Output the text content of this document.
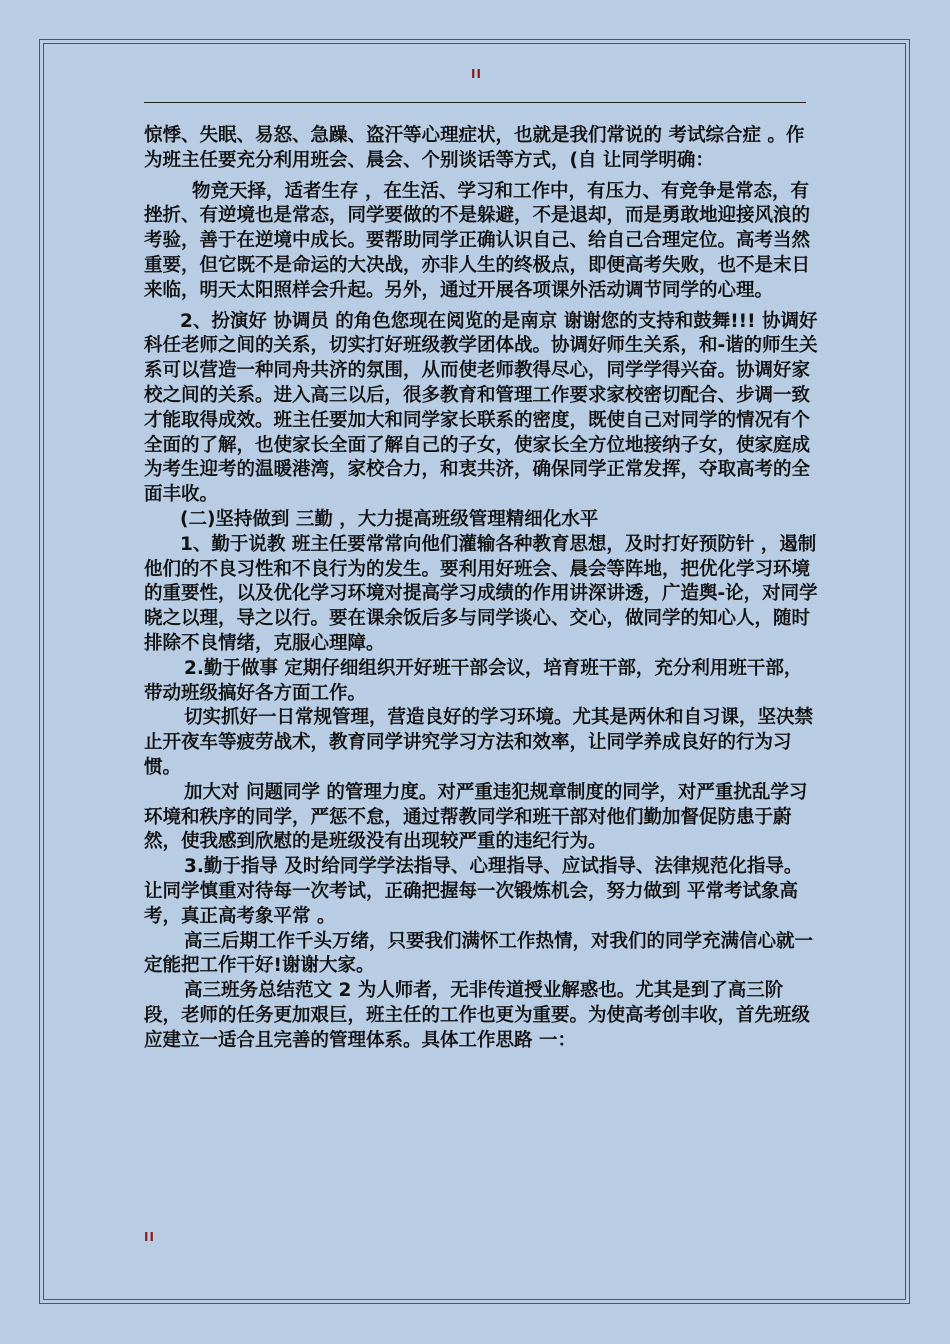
II

惊悸、失眠、易怒、急躁、盗汗等心理症状，也就是我们常说的 考试综合症 。作为班主任要充分利用班会、晨会、个别谈话等方式，(自 让同学明确：

物竞天择，适者生存 ，在生活、学习和工作中，有压力、有竞争是常态，有挫折、有逆境也是常态，同学要做的不是躲避，不是退却，而是勇敢地迎接风浪的考验，善于在逆境中成长。要帮助同学正确认识自己、给自己合理定位。高考当然重要，但它既不是命运的大决战，亦非人生的终极点，即便高考失败，也不是末日来临，明天太阳照样会升起。另外，通过开展各项课外活动调节同学的心理。

2、扮演好 协调员 的角色您现在阅览的是南京 谢谢您的支持和鼓舞!!! 协调好科任老师之间的关系，切实打好班级教学团体战。协调好师生关系，和-谐的师生关系可以营造一种同舟共济的氛围，从而使老师教得尽心，同学学得兴奋。协调好家校之间的关系。进入高三以后，很多教育和管理工作要求家校密切配合、步调一致才能取得成效。班主任要加大和同学家长联系的密度，既使自己对同学的情况有个全面的了解，也使家长全面了解自己的子女，使家长全方位地接纳子女，使家庭成为考生迎考的温暖港湾，家校合力，和衷共济，确保同学正常发挥，夺取高考的全面丰收。

(二)坚持做到 三勤 ，大力提高班级管理精细化水平

1、勤于说教 班主任要常常向他们灌输各种教育思想，及时打好预防针 ，遏制他们的不良习性和不良行为的发生。要利用好班会、晨会等阵地，把优化学习环境的重要性，以及优化学习环境对提高学习成绩的作用讲深讲透，广造舆-论，对同学晓之以理，导之以行。要在课余饭后多与同学谈心、交心，做同学的知心人，随时排除不良情绪，克服心理障。

2.勤于做事 定期仔细组织开好班干部会议，培育班干部，充分利用班干部，带动班级搞好各方面工作。

切实抓好一日常规管理，营造良好的学习环境。尤其是两休和自习课，坚决禁止开夜车等疲劳战术，教育同学讲究学习方法和效率，让同学养成良好的行为习惯。

加大对 问题同学 的管理力度。对严重违犯规章制度的同学，对严重扰乱学习环境和秩序的同学，严惩不怠，通过帮教同学和班干部对他们勤加督促防患于蔚然，使我感到欣慰的是班级没有出现较严重的违纪行为。

3.勤于指导 及时给同学学法指导、心理指导、应试指导、法律规范化指导。让同学慎重对待每一次考试，正确把握每一次锻炼机会，努力做到 平常考试象高考，真正高考象平常 。

高三后期工作千头万绪，只要我们满怀工作热情，对我们的同学充满信心就一定能把工作干好!谢谢大家。

高三班务总结范文 2 为人师者，无非传道授业解惑也。尤其是到了高三阶段，老师的任务更加艰巨，班主任的工作也更为重要。为使高考创丰收，首先班级应建立一适合且完善的管理体系。具体工作思路 一：

II
